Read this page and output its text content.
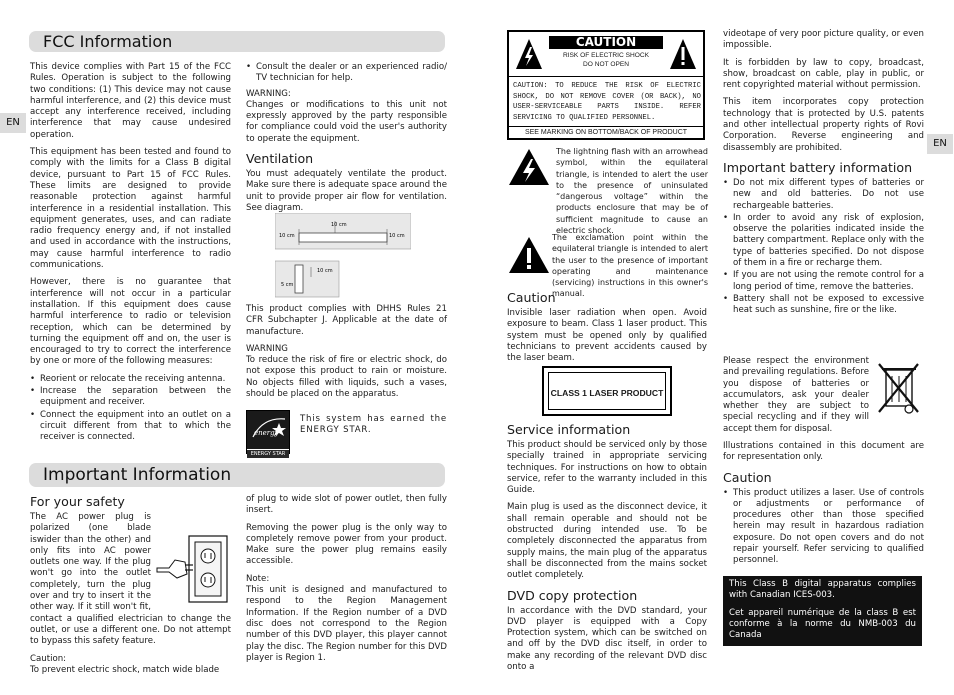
FCC Information
EN

This device complies with Part 15 of the FCC Rules. Operation is subject to the following two conditions: (1) This device may not cause harmful interference, and (2) this device must accept any interference received, including interference that may cause undesired operation.

This equipment has been tested and found to comply with the limits for a Class B digital device, pursuant to Part 15 of FCC Rules. These limits are designed to provide reasonable protection against harmful interference in a residential installation. This equipment generates, uses, and can radiate radio frequency energy and, if not installed and used in accordance with the instructions, may cause harmful interference to radio communications.

However, there is no guarantee that interference will not occur in a particular installation. If this equipment does cause harmful interference to radio or television reception, which can be determined by turning the equipment off and on, the user is encouraged to try to correct the interference by one or more of the following measures:

• Reorient or relocate the receiving antenna.
• Increase the separation between the equipment and receiver.
• Connect the equipment into an outlet on a circuit different from that to which the receiver is connected.
• Consult the dealer or an experienced radio/ TV technician for help.

WARNING:

Changes or modifications to this unit not expressly approved by the party responsible for compliance could void the user's authority to operate the equipment.

Ventilation

You must adequately ventilate the product. Make sure there is adequate space around the unit to provide proper air flow for ventilation. See diagram.

10 cm	10 cm
10 cm
10 cm
5 cm

This product complies with DHHS Rules 21 CFR Subchapter J. Applicable at the date of manufacture.

WARNING

To reduce the risk of fire or electric shock, do not expose this product to rain or moisture. No objects filled with liquids, such a vases, should be placed on the apparatus.

energy
ENERGY STAR

This system has earned the ENERGY STAR.

Important Information
For your safety

The AC power plug is polarized (one blade iswider than the other) and only fits into AC power outlets one way. If the plug won't go into the outlet completely, turn the plug over and try to insert it the other way. If it still won't fit, contact a qualified electrician to change the outlet, or use a different one. Do not attempt to bypass this safety feature.

Caution:

To prevent electric shock, match wide blade

of plug to wide slot of power outlet, then fully insert.

Removing the power plug is the only way to completely remove power from your product. Make sure the power plug remains easily accessible.

Note:

This unit is designed and manufactured to respond to the Region Management Information. If the Region number of a DVD disc does not correspond to the Region number of this DVD player, this player cannot play the disc. The Region number for this DVD player is Region 1.

EN
CAUTION
RISK OF ELECTRIC SHOCK
DO NOT OPEN
CAUTION: TO REDUCE THE RISK OF ELECTRIC SHOCK, DO NOT REMOVE COVER (OR BACK), NO USER-SERVICEABLE PARTS INSIDE. REFER SERVICING TO QUALIFIED PERSONNEL.
SEE MARKING ON BOTTOM/BACK OF PRODUCT

The lightning flash with an arrowhead symbol, within the equilateral triangle, is intended to alert the user to the presence of uninsulated “dangerous voltage” within the products enclosure that may be of sufficient magnitude to cause an electric shock.

The exclamation point within the equilateral triangle is intended to alert the user to the presence of important operating and maintenance (servicing) instructions in this owner's manual.

Caution

Invisible laser radiation when open. Avoid exposure to beam. Class 1 laser product. This system must be opened only by qualified technicians to prevent accidents caused by the laser beam.

CLASS 1 LASER PRODUCT
Service information

This product should be serviced only by those specially trained in appropriate servicing techniques. For instructions on how to obtain service, refer to the warranty included in this Guide.

Main plug is used as the disconnect device, it shall remain operable and should not be obstructed during intended use. To be completely disconnected the apparatus from supply mains, the main plug of the apparatus shall be disconnected from the mains socket outlet completely.

DVD copy protection

In accordance with the DVD standard, your DVD player is equipped with a Copy Protection system, which can be switched on and off by the DVD disc itself, in order to make any recording of the relevant DVD disc onto a

videotape of very poor picture quality, or even impossible.

It is forbidden by law to copy, broadcast, show, broadcast on cable, play in public, or rent copyrighted material without permission.

This item incorporates copy protection technology that is protected by U.S. patents and other intellectual property rights of Rovi Corporation. Reverse engineering and disassembly are prohibited.

Important battery information
• Do not mix different types of batteries or new and old batteries. Do not use rechargeable batteries.
• In order to avoid any risk of explosion, observe the polarities indicated inside the battery compartment. Replace only with the type of batteries specified. Do not dispose of them in a fire or recharge them.
• If you are not using the remote control for a long period of time, remove the batteries.
• Battery shall not be exposed to excessive heat such as sunshine, fire or the like.

Please respect the environment and prevailing regulations. Before you dispose of batteries or accumulators, ask your dealer whether they are subject to special recycling and if they will accept them for disposal.

Illustrations contained in this document are for representation only.

Caution
• This product utilizes a laser. Use of controls or adjustments or performance of procedures other than those specified herein may result in hazardous radiation exposure. Do not open covers and do not repair yourself. Refer servicing to qualified personnel.

This Class B digital apparatus complies with Canadian ICES-003.

Cet appareil numérique de la class B est conforme à la norme du NMB-003 du Canada
